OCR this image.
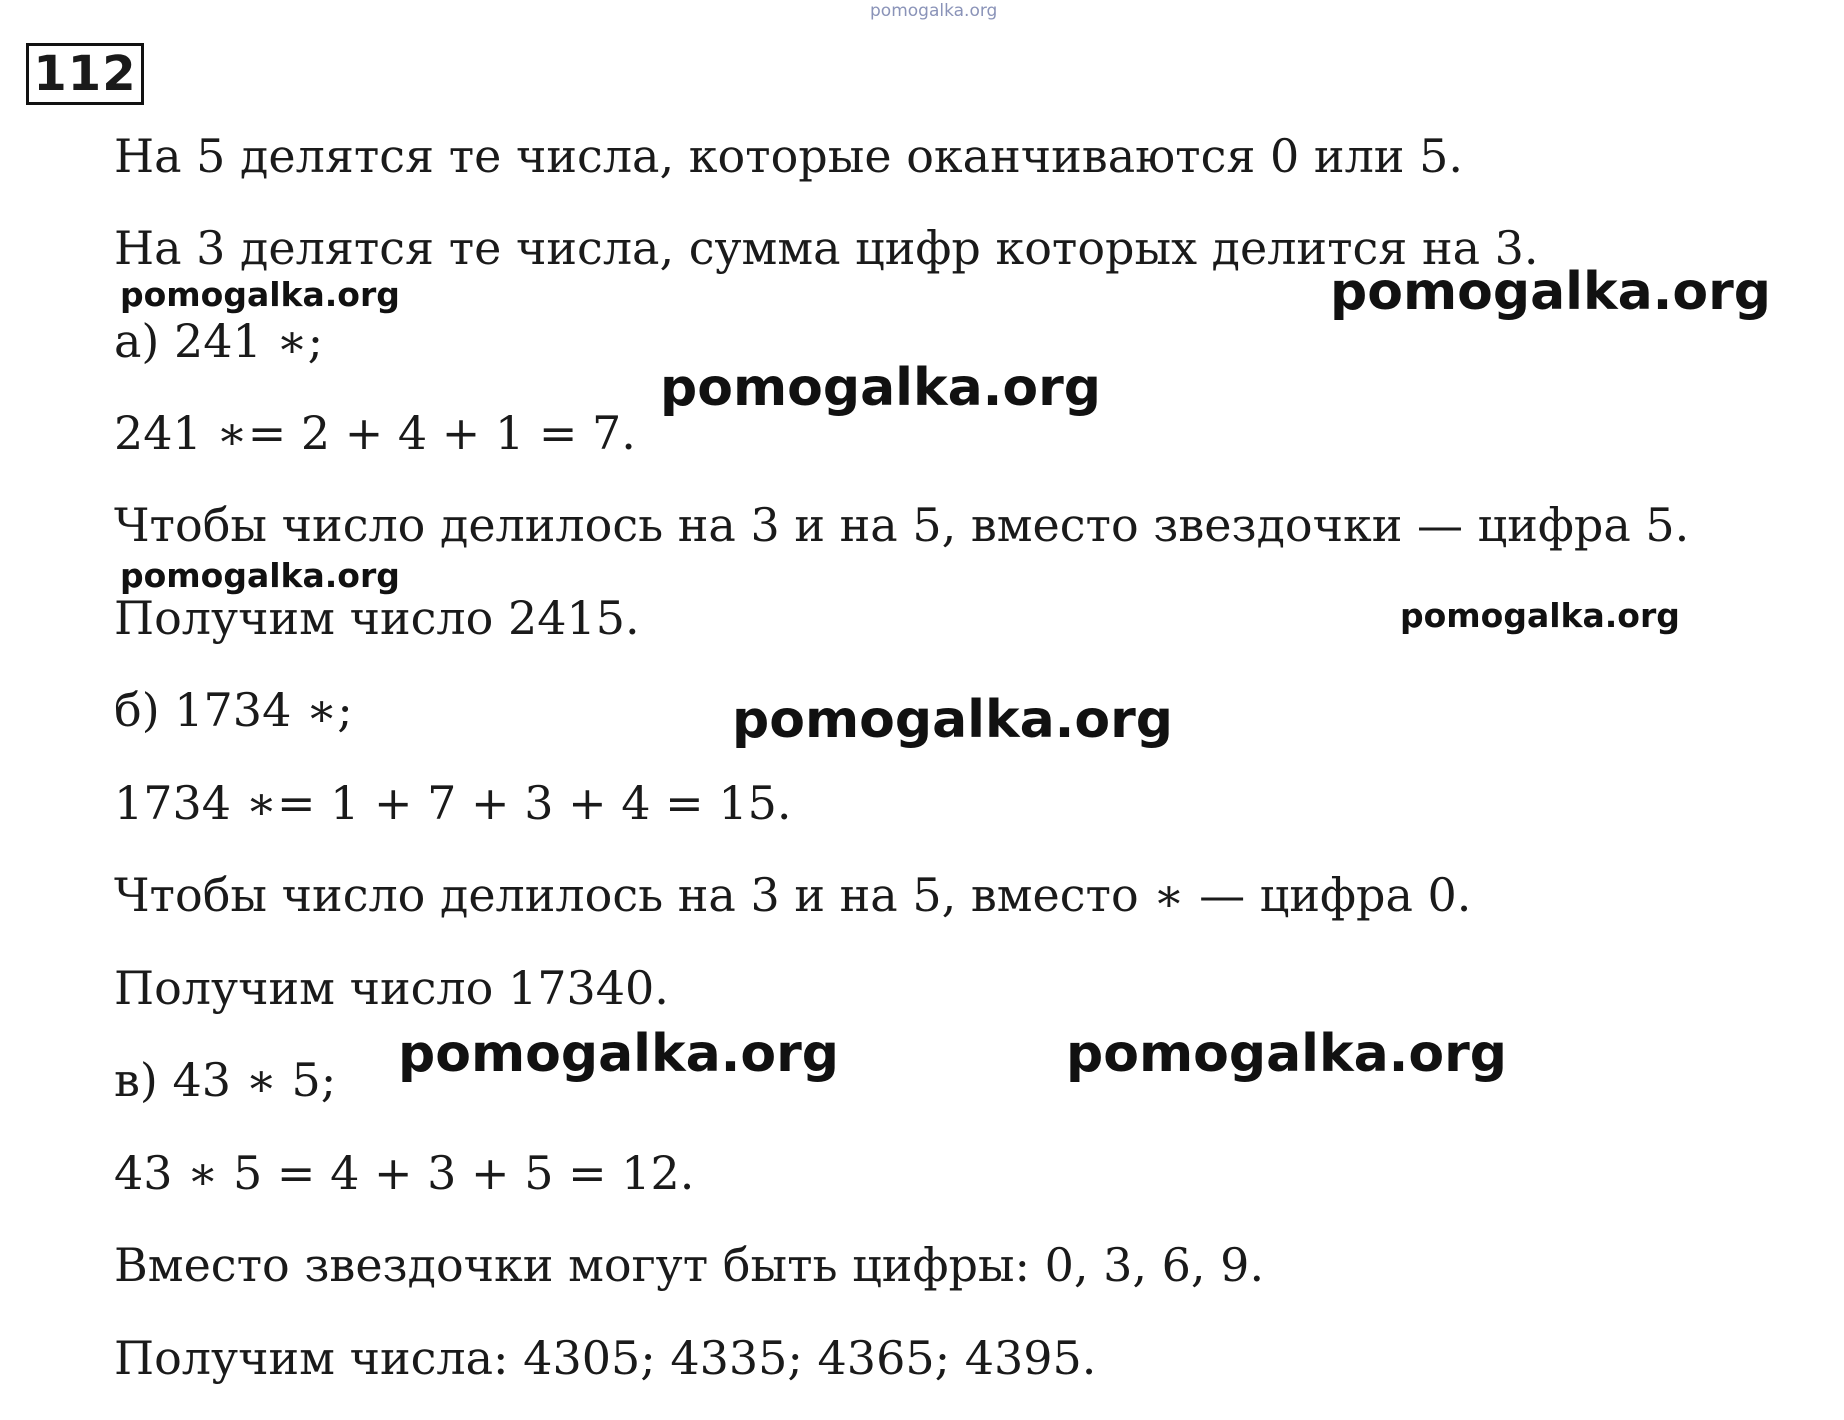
112
На 5 делятся те числа, которые оканчиваются 0 или 5.
На 3 делятся те числа, сумма цифр которых делится на 3.
а) 241 ∗;
241 ∗= 2 + 4 + 1 = 7.
Чтобы число делилось на 3 и на 5, вместо звездочки — цифра 5.
Получим число 2415.
б) 1734 ∗;
1734 ∗= 1 + 7 + 3 + 4 = 15.
Чтобы число делилось на 3 и на 5, вместо ∗ — цифра 0.
Получим число 17340.
в) 43 ∗ 5;
43 ∗ 5 = 4 + 3 + 5 = 12.
Вместо звездочки могут быть цифры: 0, 3, 6, 9.
Получим числа: 4305; 4335; 4365; 4395.
pomogalka.org
pomogalka.org	pomogalka.org
pomogalka.org
pomogalka.org
pomogalka.org
pomogalka.org
pomogalka.org	pomogalka.org
